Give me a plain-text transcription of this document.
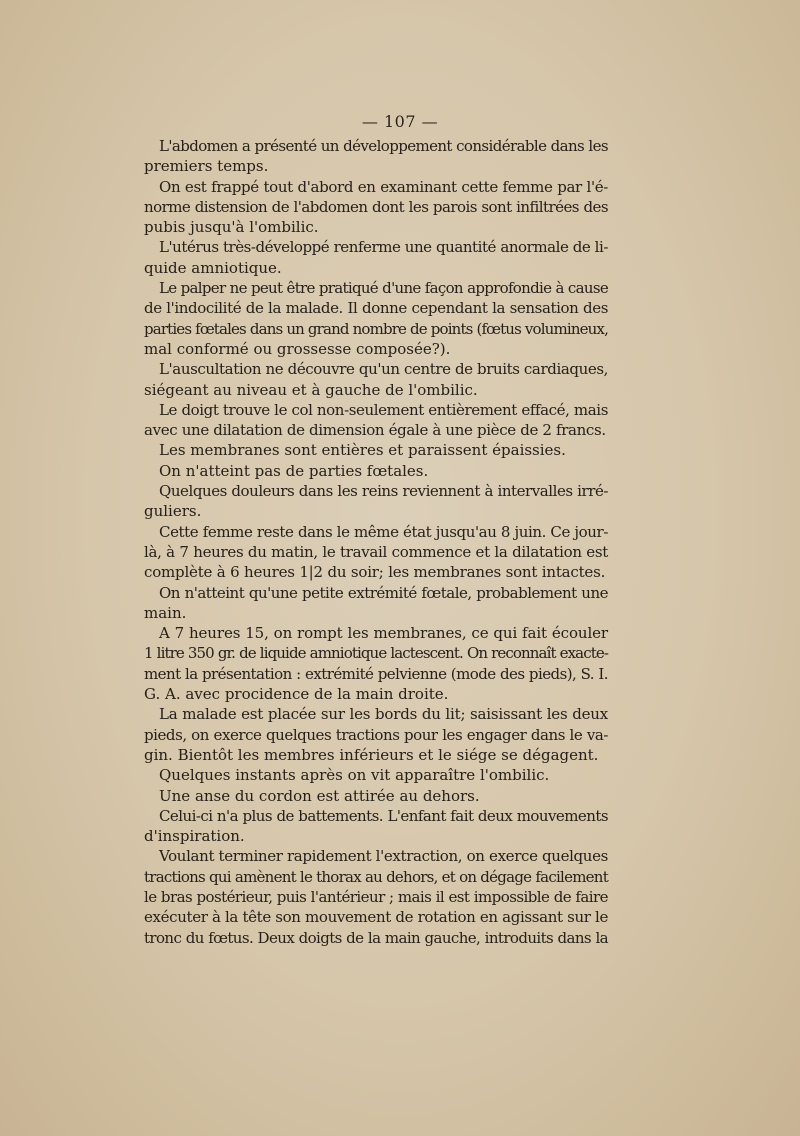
— 107 —
L'abdomen a présenté un développement considérable dans les
premiers temps.
On est frappé tout d'abord en examinant cette femme par l'é-
norme distension de l'abdomen dont les parois sont infiltrées des
pubis jusqu'à l'ombilic.
L'utérus très-développé renferme une quantité anormale de li-
quide amniotique.
Le palper ne peut être pratiqué d'une façon approfondie à cause
de l'indocilité de la malade. Il donne cependant la sensation des
parties fœtales dans un grand nombre de points (fœtus volumineux,
mal conformé ou grossesse composée?).
L'auscultation ne découvre qu'un centre de bruits cardiaques,
siégeant au niveau et à gauche de l'ombilic.
Le doigt trouve le col non-seulement entièrement effacé, mais
avec une dilatation de dimension égale à une pièce de 2 francs.
Les membranes sont entières et paraissent épaissies.
On n'atteint pas de parties fœtales.
Quelques douleurs dans les reins reviennent à intervalles irré-
guliers.
Cette femme reste dans le même état jusqu'au 8 juin. Ce jour-
là, à 7 heures du matin, le travail commence et la dilatation est
complète à 6 heures 1|2 du soir; les membranes sont intactes.
On n'atteint qu'une petite extrémité fœtale, probablement une
main.
A 7 heures 15, on rompt les membranes, ce qui fait écouler
1 litre 350 gr. de liquide amniotique lactescent. On reconnaît exacte-
ment la présentation : extrémité pelvienne (mode des pieds), S. I.
G. A. avec procidence de la main droite.
La malade est placée sur les bords du lit; saisissant les deux
pieds, on exerce quelques tractions pour les engager dans le va-
gin. Bientôt les membres inférieurs et le siége se dégagent.
Quelques instants après on vit apparaître l'ombilic.
Une anse du cordon est attirée au dehors.
Celui-ci n'a plus de battements. L'enfant fait deux mouvements
d'inspiration.
Voulant terminer rapidement l'extraction, on exerce quelques
tractions qui amènent le thorax au dehors, et on dégage facilement
le bras postérieur, puis l'antérieur ; mais il est impossible de faire
exécuter à la tête son mouvement de rotation en agissant sur le
tronc du fœtus. Deux doigts de la main gauche, introduits dans la
